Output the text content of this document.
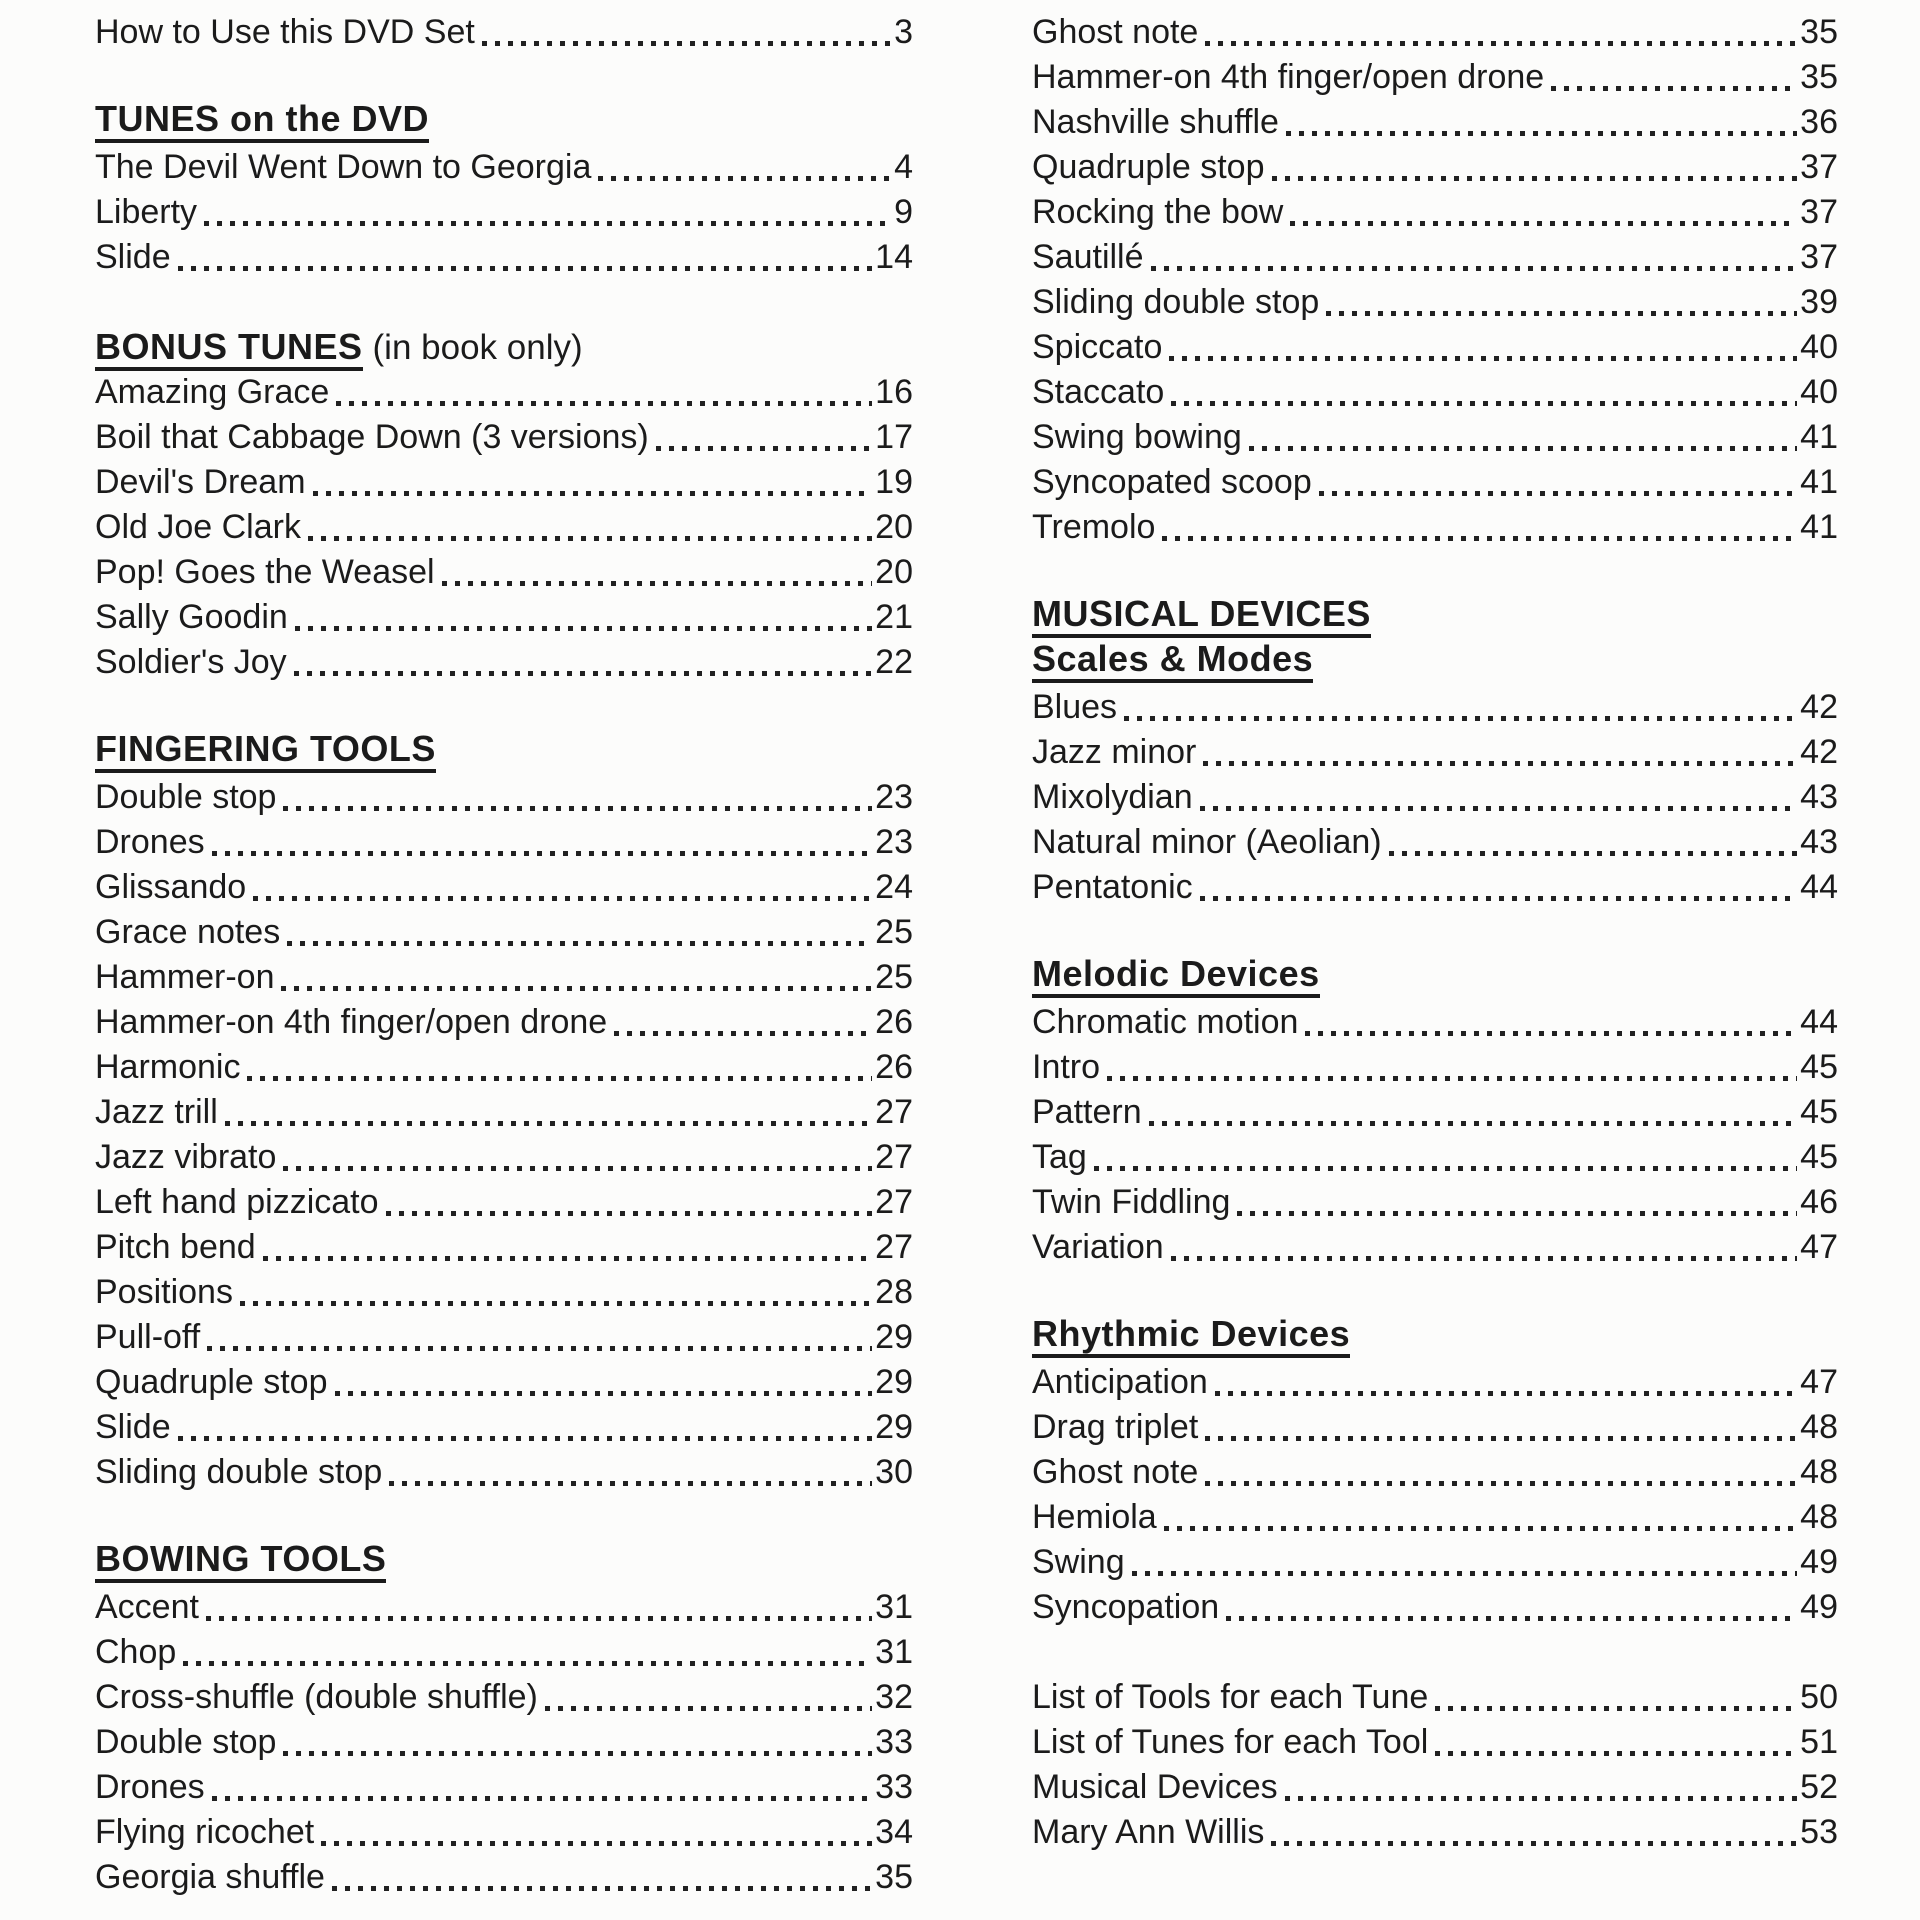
How to Use this DVD Set	3
TUNES on the DVD
The Devil Went Down to Georgia	4
Liberty	9
Slide	14
BONUS TUNES (in book only)
Amazing Grace	16
Boil that Cabbage Down (3 versions)	17
Devil's Dream	19
Old Joe Clark	20
Pop! Goes the Weasel	20
Sally Goodin	21
Soldier's Joy	22
FINGERING TOOLS
Double stop	23
Drones	23
Glissando	24
Grace notes	25
Hammer-on	25
Hammer-on 4th finger/open drone	26
Harmonic	26
Jazz trill	27
Jazz vibrato	27
Left hand pizzicato	27
Pitch bend	27
Positions	28
Pull-off	29
Quadruple stop	29
Slide	29
Sliding double stop	30
BOWING TOOLS
Accent	31
Chop	31
Cross-shuffle (double shuffle)	32
Double stop	33
Drones	33
Flying ricochet	34
Georgia shuffle	35
Ghost note	35
Hammer-on 4th finger/open drone	35
Nashville shuffle	36
Quadruple stop	37
Rocking the bow	37
Sautillé	37
Sliding double stop	39
Spiccato	40
Staccato	40
Swing bowing	41
Syncopated scoop	41
Tremolo	41
MUSICAL DEVICES
Scales & Modes
Blues	42
Jazz minor	42
Mixolydian	43
Natural minor (Aeolian)	43
Pentatonic	44
Melodic Devices
Chromatic motion	44
Intro	45
Pattern	45
Tag	45
Twin Fiddling	46
Variation	47
Rhythmic Devices
Anticipation	47
Drag triplet	48
Ghost note	48
Hemiola	48
Swing	49
Syncopation	49
List of Tools for each Tune	50
List of Tunes for each Tool	51
Musical Devices	52
Mary Ann Willis	53
